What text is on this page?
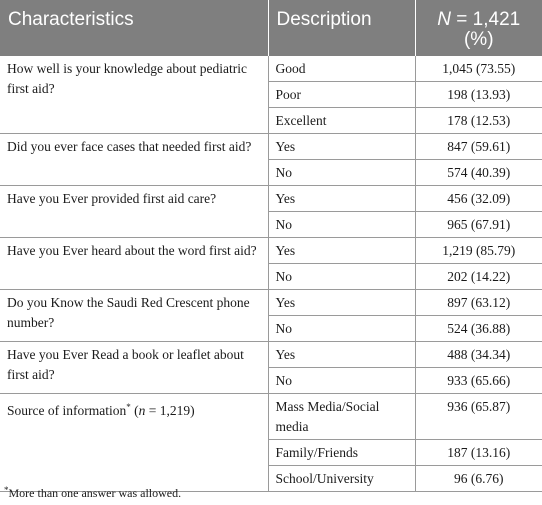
Characteristics	Description	N = 1,421
(%)
How well is your knowledge about pediatric first aid?	Good	1,045 (73.55)
	Poor	198 (13.93)
	Excellent	178 (12.53)
Did you ever face cases that needed first aid?	Yes	847 (59.61)
	No	574 (40.39)
Have you Ever provided first aid care?	Yes	456 (32.09)
	No	965 (67.91)
Have you Ever heard about the word first aid?	Yes	1,219 (85.79)
	No	202 (14.22)
Do you Know the Saudi Red Crescent phone number?	Yes	897 (63.12)
	No	524 (36.88)
Have you Ever Read a book or leaflet about first aid?	Yes	488 (34.34)
	No	933 (65.66)
Source of information* (n = 1,219)	Mass Media/Social media	936 (65.87)
	Family/Friends	187 (13.16)
	School/University	96 (6.76)
*More than one answer was allowed.
